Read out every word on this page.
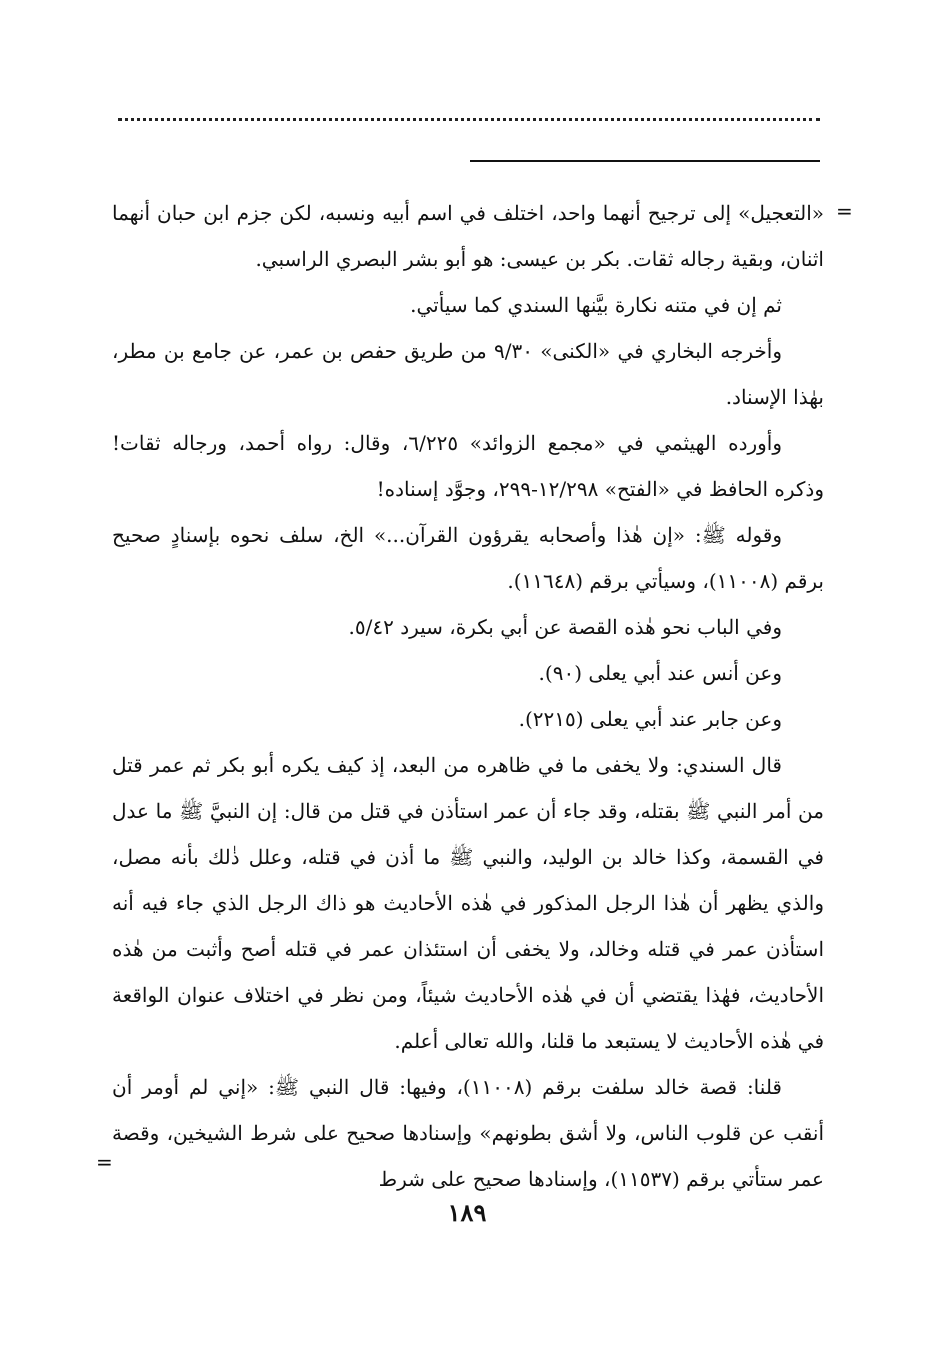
=

«التعجيل» إلى ترجيح أنهما واحد، اختلف في اسم أبيه ونسبه، لكن جزم ابن حبان أنهما اثنان، وبقية رجاله ثقات. بكر بن عيسى: هو أبو بشر البصري الراسبي.

ثم إن في متنه نكارة بيَّنها السندي كما سيأتي.

وأخرجه البخاري في «الكنى» ٩/٣٠ من طريق حفص بن عمر، عن جامع بن مطر، بهٰذا الإسناد.

وأورده الهيثمي في «مجمع الزوائد» ٦/٢٢٥، وقال: رواه أحمد، ورجاله ثقات! وذكره الحافظ في «الفتح» ١٢/٢٩٨-٢٩٩، وجوَّد إسناده!

وقوله ﷺ: «إن هٰذا وأصحابه يقرؤون القرآن...» الخ، سلف نحوه بإسنادٍ صحيح برقم (١١٠٠٨)، وسيأتي برقم (١١٦٤٨).

وفي الباب نحو هٰذه القصة عن أبي بكرة، سيرد ٥/٤٢.

وعن أنس عند أبي يعلى (٩٠).

وعن جابر عند أبي يعلى (٢٢١٥).

قال السندي: ولا يخفى ما في ظاهره من البعد، إذ كيف يكره أبو بكر ثم عمر قتل من أمر النبي ﷺ بقتله، وقد جاء أن عمر استأذن في قتل من قال: إن النبيَّ ﷺ ما عدل في القسمة، وكذا خالد بن الوليد، والنبي ﷺ ما أذن في قتله، وعلل ذٰلك بأنه مصل، والذي يظهر أن هٰذا الرجل المذكور في هٰذه الأحاديث هو ذاك الرجل الذي جاء فيه أنه استأذن عمر في قتله وخالد، ولا يخفى أن استئذان عمر في قتله أصح وأثبت من هٰذه الأحاديث، فهٰذا يقتضي أن في هٰذه الأحاديث شيئاً، ومن نظر في اختلاف عنوان الواقعة في هٰذه الأحاديث لا يستبعد ما قلنا، والله تعالى أعلم.

قلنا: قصة خالد سلفت برقم (١١٠٠٨)، وفيها: قال النبي ﷺ: «إني لم أومر أن أنقب عن قلوب الناس، ولا أشق بطونهم» وإسنادها صحيح على شرط الشيخين، وقصة عمر ستأتي برقم (١١٥٣٧)، وإسنادها صحيح على شرط

=
١٨٩
